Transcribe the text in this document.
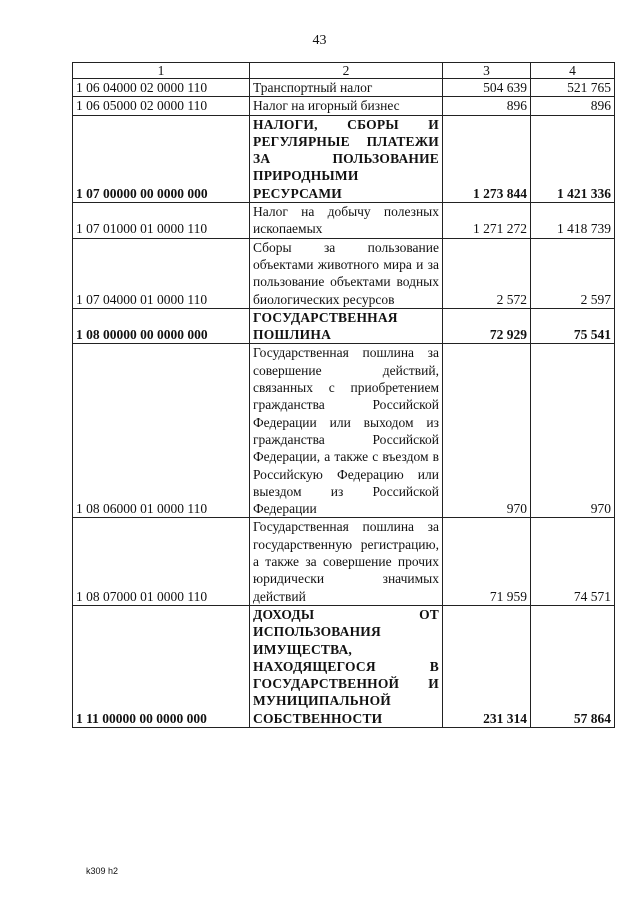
43
1	2	3	4
1 06 04000 02 0000 110	Транспортный налог	504 639	521 765
1 06 05000 02 0000 110	Налог на игорный бизнес	896	896
1 07 00000 00 0000 000	НАЛОГИ, СБОРЫ И РЕГУЛЯРНЫЕ ПЛАТЕЖИ ЗА ПОЛЬЗОВАНИЕ ПРИРОДНЫМИ РЕСУРСАМИ	1 273 844	1 421 336
1 07 01000 01 0000 110	Налог на добычу полезных ископаемых	1 271 272	1 418 739
1 07 04000 01 0000 110	Сборы за пользование объектами животного мира и за пользование объектами водных биологических ресурсов	2 572	2 597
1 08 00000 00 0000 000	ГОСУДАРСТВЕННАЯ ПОШЛИНА	72 929	75 541
1 08 06000 01 0000 110	Государственная пошлина за совершение действий, связанных с приобретением гражданства Российской Федерации или выходом из гражданства Российской Федерации, а также с въездом в Российскую Федерацию или выездом из Российской Федерации	970	970
1 08 07000 01 0000 110	Государственная пошлина за государственную регистрацию, а также за совершение прочих юридически значимых действий	71 959	74 571
1 11 00000 00 0000 000	ДОХОДЫ ОТ ИСПОЛЬЗОВАНИЯ ИМУЩЕСТВА, НАХОДЯЩЕГОСЯ В ГОСУДАРСТВЕННОЙ И МУНИЦИПАЛЬНОЙ СОБСТВЕННОСТИ	231 314	57 864
k309 h2
